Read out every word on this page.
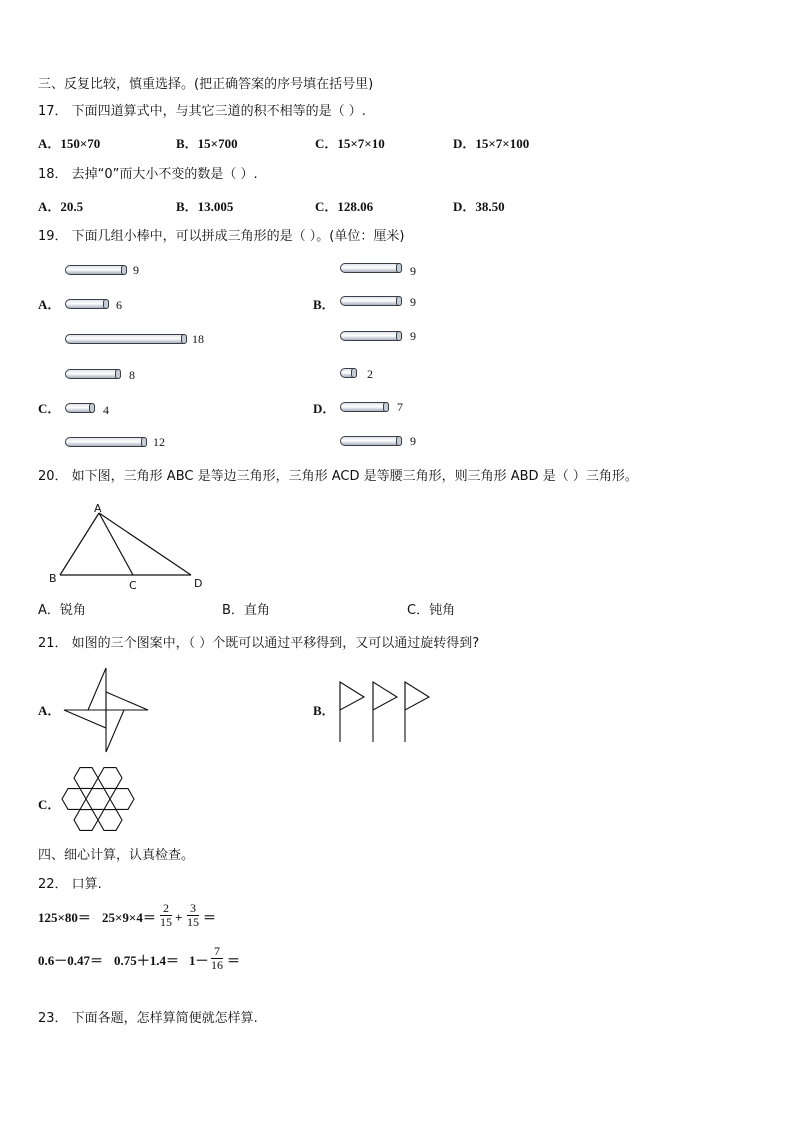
三、反复比较，慎重选择。(把正确答案的序号填在括号里)
17． 下面四道算式中，与其它三道的积不相等的是（ ）.
A．150×70	B．15×700	C．15×7×10	D．15×7×100
18． 去掉“0”而大小不变的数是（ ）.
A．20.5	B．13.005	C．128.06	D．38.50
19． 下面几组小棒中，可以拼成三角形的是（ ）。(单位：厘米)
9
A．	6
18
9
B．	9
9
8
C．	4
12
2
D．	7
9
20． 如下图，三角形 ABC 是等边三角形，三角形 ACD 是等腰三角形，则三角形 ABD 是（ ）三角形。
A
B
C	D
A．锐角	B．直角	C．钝角
21． 如图的三个图案中，（ ）个既可以通过平移得到，又可以通过旋转得到?
A．	B．
C．
四、细心计算，认真检查。
22． 口算.
$125\times 80= 25\times 9\times 4= \frac{2}{15} + \frac{3}{15}$ ＝
$0.6-0.47= 0.75+1.4= 1- \frac{7}{16}$ ＝
23． 下面各题，怎样算简便就怎样算.
